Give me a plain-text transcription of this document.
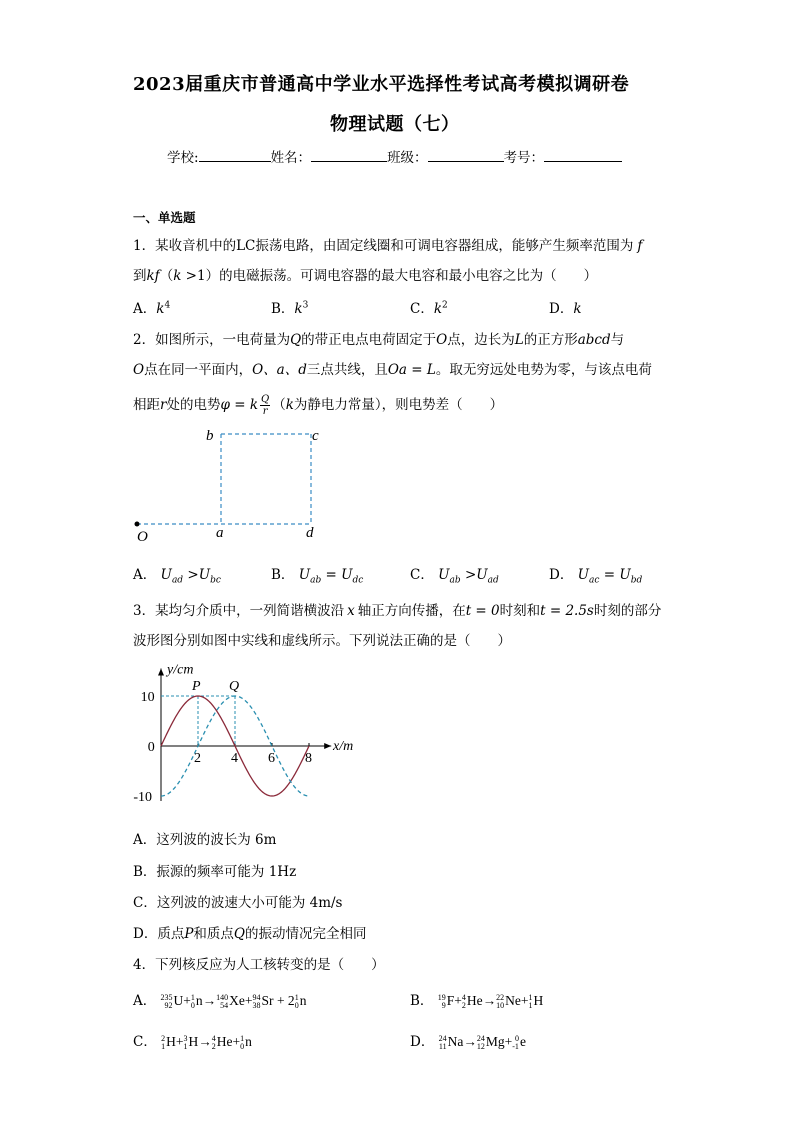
2023届重庆市普通高中学业水平选择性考试高考模拟调研卷
物理试题（七）
学校:	姓名：	班级：	考号：
一、单选题
1．某收音机中的LC振荡电路，由固定线圈和可调电容器组成，能够产生频率范围为 f
到kf（k >1）的电磁振荡。可调电容器的最大电容和最小电容之比为（　　）
A．$k^4$	B．$k^3$	C．$k^2$	D．k
2．如图所示，一电荷量为Q的带正电点电荷固定于O点，边长为L的正方形abcd与
O点在同一平面内，O、a、d三点共线，且Oa = L。取无穷远处电势为零，与该点电荷
相距r处的电势φ = k $\frac{Q}{r} (k$为静电力常量），则电势差（　　）
b	c
O	a	d
A． $U_{ad} >U_{bc}$	B． $U_{ab} = U_{dc}$	C． $U_{ab} >U_{ad}$	D． $U_{ac} = U_{bd}$
3．某均匀介质中，一列简谐横波沿 x 轴正方向传播，在t = 0时刻和t = 2.5s时刻的部分
波形图分别如图中实线和虚线所示。下列说法正确的是（　　）
x/m
y/cm
2 4 6 8
10
0
-10
P Q
A．这列波的波长为 6m
B．振源的频率可能为 1Hz
C．这列波的波速大小可能为 4m/s
D．质点P和质点Q的振动情况完全相同
4．下列核反应为人工核转变的是（　　）
A． 235
92 U+ 1
0 n→ 140
54 Xe+ 94
38 Sr + 2 1
0 n	B． 19
9 F+ 4
2 He→ 22
10 Ne+ 1
1 H
C． 2
1 H+ 3
1 H→ 4
2 He+ 1
0 n	D． 24
11 Na→ 24
12 Mg+ 0
-1 e
